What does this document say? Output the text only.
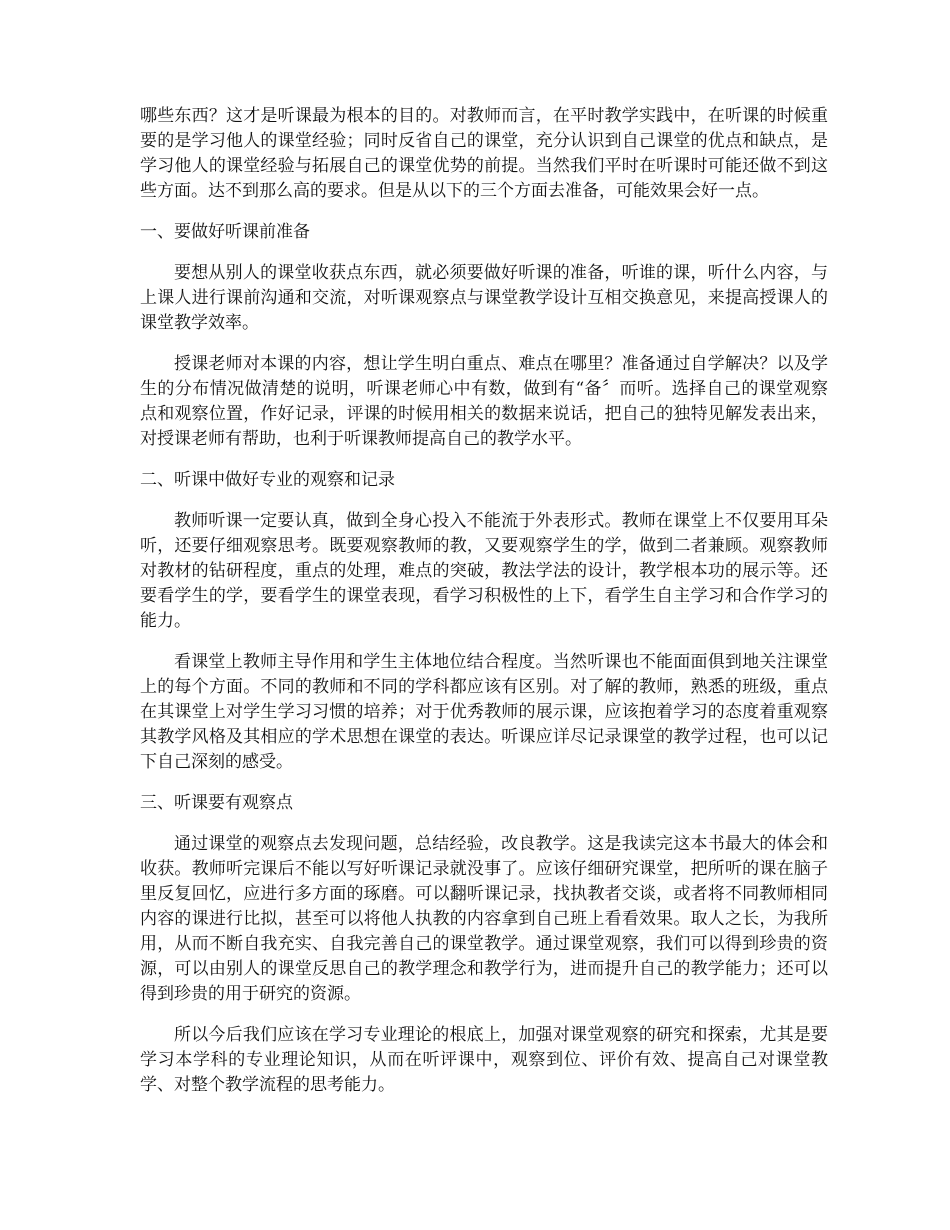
哪些东西？这才是听课最为根本的目的。对教师而言，在平时教学实践中，在听课的时候重要的是学习他人的课堂经验；同时反省自己的课堂，充分认识到自己课堂的优点和缺点，是学习他人的课堂经验与拓展自己的课堂优势的前提。当然我们平时在听课时可能还做不到这些方面。达不到那么高的要求。但是从以下的三个方面去准备，可能效果会好一点。

一、要做好听课前准备

要想从别人的课堂收获点东西，就必须要做好听课的准备，听谁的课，听什么内容，与上课人进行课前沟通和交流，对听课观察点与课堂教学设计互相交换意见，来提高授课人的课堂教学效率。

授课老师对本课的内容，想让学生明白重点、难点在哪里？准备通过自学解决？以及学生的分布情况做清楚的说明，听课老师心中有数，做到有“备〞而听。选择自己的课堂观察点和观察位置，作好记录，评课的时候用相关的数据来说话，把自己的独特见解发表出来，对授课老师有帮助，也利于听课教师提高自己的教学水平。

二、听课中做好专业的观察和记录

教师听课一定要认真，做到全身心投入不能流于外表形式。教师在课堂上不仅要用耳朵听，还要仔细观察思考。既要观察教师的教，又要观察学生的学，做到二者兼顾。观察教师对教材的钻研程度，重点的处理，难点的突破，教法学法的设计，教学根本功的展示等。还要看学生的学，要看学生的课堂表现，看学习积极性的上下，看学生自主学习和合作学习的能力。

看课堂上教师主导作用和学生主体地位结合程度。当然听课也不能面面俱到地关注课堂上的每个方面。不同的教师和不同的学科都应该有区别。对了解的教师，熟悉的班级，重点在其课堂上对学生学习习惯的培养；对于优秀教师的展示课，应该抱着学习的态度着重观察其教学风格及其相应的学术思想在课堂的表达。听课应详尽记录课堂的教学过程，也可以记下自己深刻的感受。

三、听课要有观察点

通过课堂的观察点去发现问题，总结经验，改良教学。这是我读完这本书最大的体会和收获。教师听完课后不能以写好听课记录就没事了。应该仔细研究课堂，把所听的课在脑子里反复回忆，应进行多方面的琢磨。可以翻听课记录，找执教者交谈，或者将不同教师相同内容的课进行比拟，甚至可以将他人执教的内容拿到自己班上看看效果。取人之长，为我所用，从而不断自我充实、自我完善自己的课堂教学。通过课堂观察，我们可以得到珍贵的资源，可以由别人的课堂反思自己的教学理念和教学行为，进而提升自己的教学能力；还可以得到珍贵的用于研究的资源。

所以今后我们应该在学习专业理论的根底上，加强对课堂观察的研究和探索，尤其是要学习本学科的专业理论知识，从而在听评课中，观察到位、评价有效、提高自己对课堂教学、对整个教学流程的思考能力。
